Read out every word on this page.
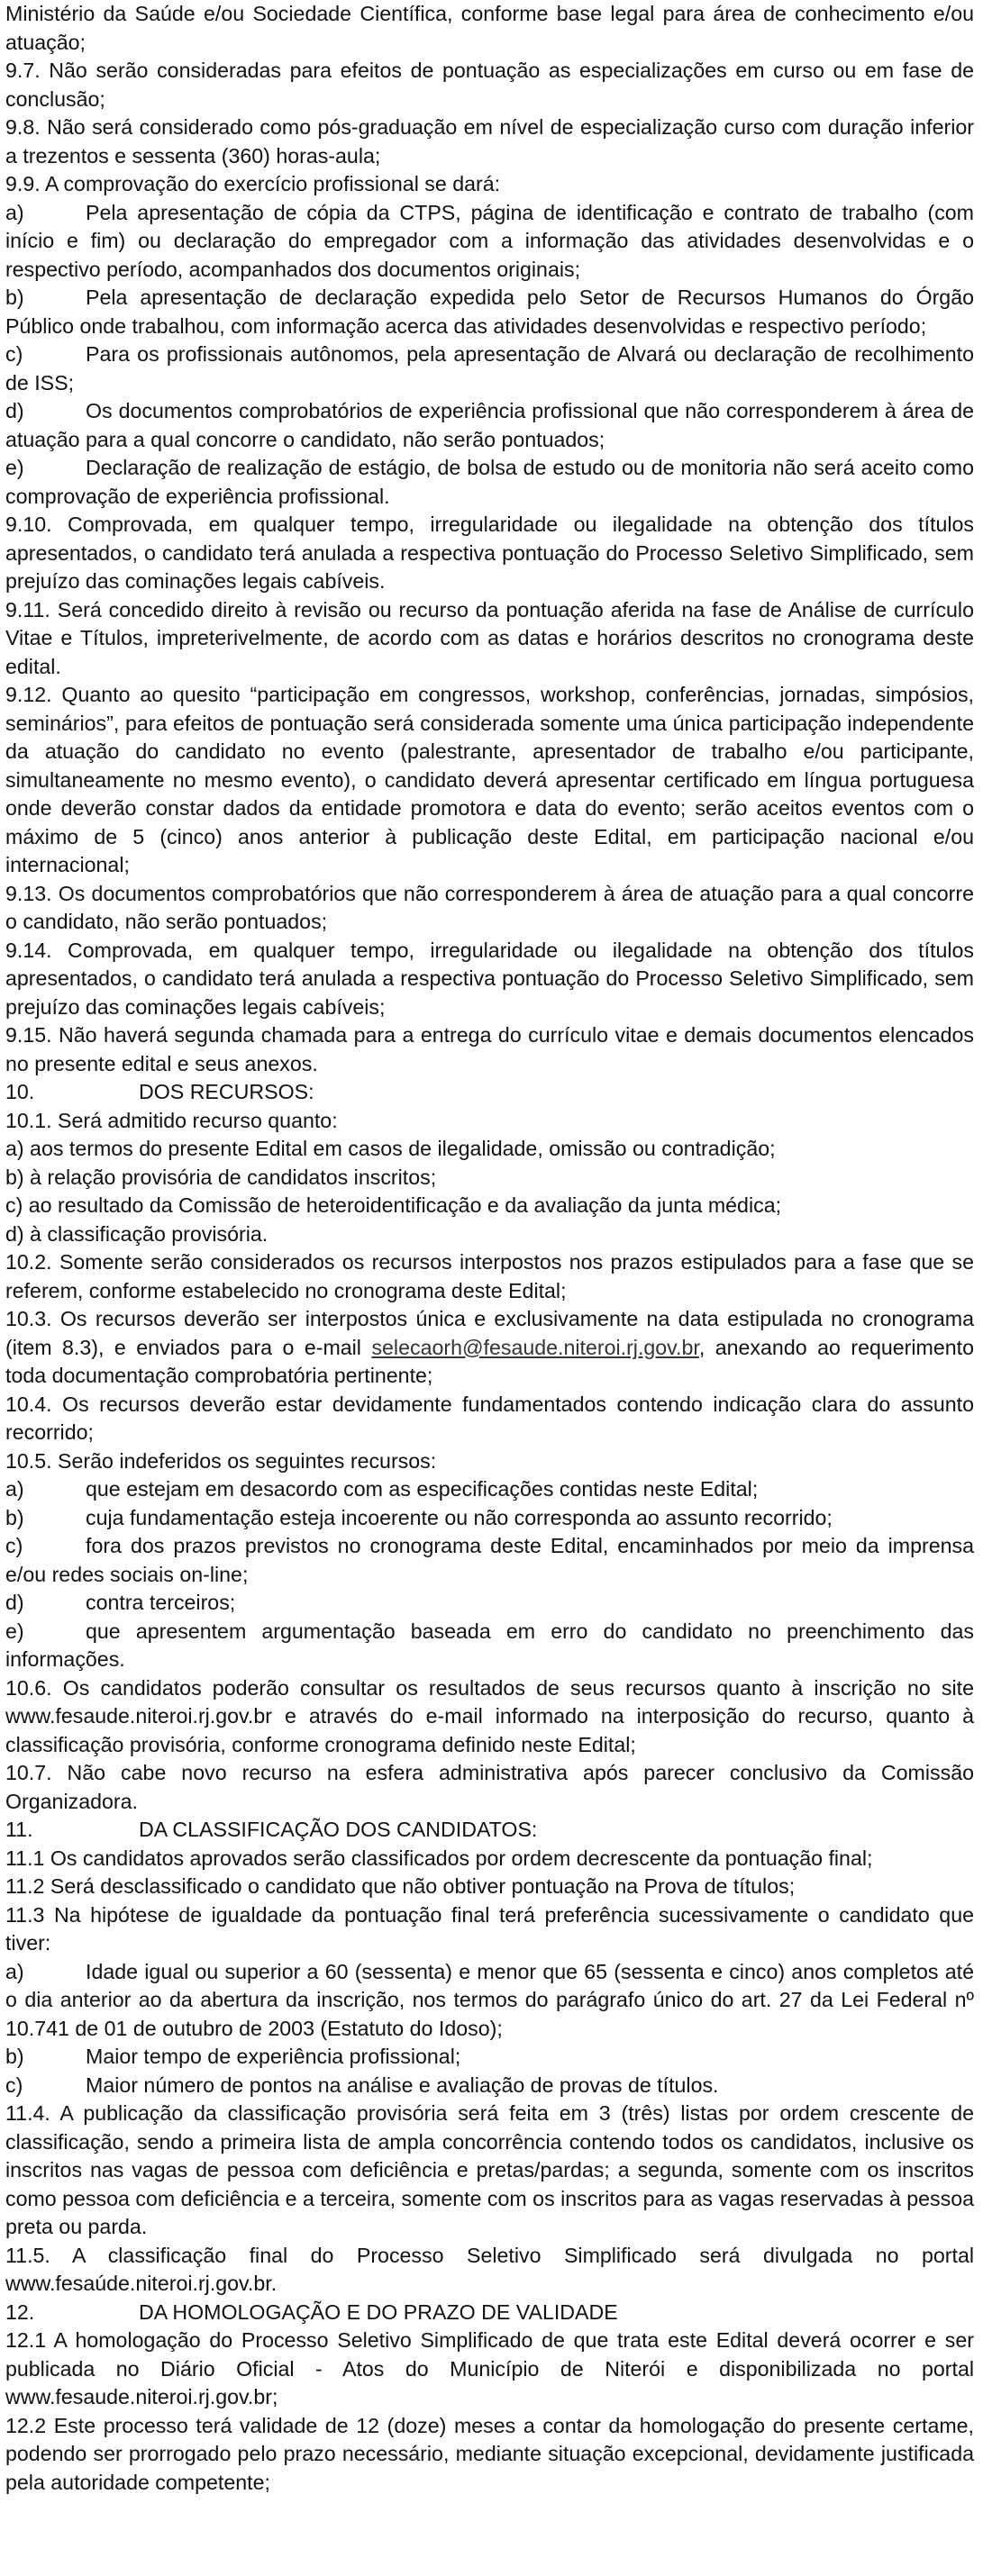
Ministério da Saúde e/ou Sociedade Científica, conforme base legal para área de conhecimento e/ou atuação;

9.7. Não serão consideradas para efeitos de pontuação as especializações em curso ou em fase de conclusão;

9.8. Não será considerado como pós-graduação em nível de especialização curso com duração inferior a trezentos e sessenta (360) horas-aula;

9.9. A comprovação do exercício profissional se dará:

a)	Pela apresentação de cópia da CTPS, página de identificação e contrato de trabalho (com início e fim) ou declaração do empregador com a informação das atividades desenvolvidas e o respectivo período, acompanhados dos documentos originais;

b)	Pela apresentação de declaração expedida pelo Setor de Recursos Humanos do Órgão Público onde trabalhou, com informação acerca das atividades desenvolvidas e respectivo período;

c)	Para os profissionais autônomos, pela apresentação de Alvará ou declaração de recolhimento de ISS;

d)	Os documentos comprobatórios de experiência profissional que não corresponderem à área de atuação para a qual concorre o candidato, não serão pontuados;

e)	Declaração de realização de estágio, de bolsa de estudo ou de monitoria não será aceito como comprovação de experiência profissional.

9.10. Comprovada, em qualquer tempo, irregularidade ou ilegalidade na obtenção dos títulos apresentados, o candidato terá anulada a respectiva pontuação do Processo Seletivo Simplificado, sem prejuízo das cominações legais cabíveis.

9.11. Será concedido direito à revisão ou recurso da pontuação aferida na fase de Análise de currículo Vitae e Títulos, impreterivelmente, de acordo com as datas e horários descritos no cronograma deste edital.

9.12. Quanto ao quesito “participação em congressos, workshop, conferências, jornadas, simpósios, seminários”, para efeitos de pontuação será considerada somente uma única participação independente da atuação do candidato no evento (palestrante, apresentador de trabalho e/ou participante, simultaneamente no mesmo evento), o candidato deverá apresentar certificado em língua portuguesa onde deverão constar dados da entidade promotora e data do evento; serão aceitos eventos com o máximo de 5 (cinco) anos anterior à publicação deste Edital, em participação nacional e/ou internacional;

9.13. Os documentos comprobatórios que não corresponderem à área de atuação para a qual concorre o candidato, não serão pontuados;

9.14. Comprovada, em qualquer tempo, irregularidade ou ilegalidade na obtenção dos títulos apresentados, o candidato terá anulada a respectiva pontuação do Processo Seletivo Simplificado, sem prejuízo das cominações legais cabíveis;

9.15. Não haverá segunda chamada para a entrega do currículo vitae e demais documentos elencados no presente edital e seus anexos.

10.	DOS RECURSOS:

10.1. Será admitido recurso quanto:

a) aos termos do presente Edital em casos de ilegalidade, omissão ou contradição;

b) à relação provisória de candidatos inscritos;

c) ao resultado da Comissão de heteroidentificação e da avaliação da junta médica;

d) à classificação provisória.

10.2. Somente serão considerados os recursos interpostos nos prazos estipulados para a fase que se referem, conforme estabelecido no cronograma deste Edital;

10.3. Os recursos deverão ser interpostos única e exclusivamente na data estipulada no cronograma (item 8.3), e enviados para o e-mail selecaorh@fesaude.niteroi.rj.gov.br, anexando ao requerimento toda documentação comprobatória pertinente;

10.4. Os recursos deverão estar devidamente fundamentados contendo indicação clara do assunto recorrido;

10.5. Serão indeferidos os seguintes recursos:

a)	que estejam em desacordo com as especificações contidas neste Edital;

b)	cuja fundamentação esteja incoerente ou não corresponda ao assunto recorrido;

c)	fora dos prazos previstos no cronograma deste Edital, encaminhados por meio da imprensa e/ou redes sociais on-line;

d)	contra terceiros;

e)	que apresentem argumentação baseada em erro do candidato no preenchimento das informações.

10.6. Os candidatos poderão consultar os resultados de seus recursos quanto à inscrição no site www.fesaude.niteroi.rj.gov.br e através do e-mail informado na interposição do recurso, quanto à classificação provisória, conforme cronograma definido neste Edital;

10.7. Não cabe novo recurso na esfera administrativa após parecer conclusivo da Comissão Organizadora.

11.	DA CLASSIFICAÇÃO DOS CANDIDATOS:

11.1 Os candidatos aprovados serão classificados por ordem decrescente da pontuação final;

11.2 Será desclassificado o candidato que não obtiver pontuação na Prova de títulos;

11.3 Na hipótese de igualdade da pontuação final terá preferência sucessivamente o candidato que tiver:

a)	Idade igual ou superior a 60 (sessenta) e menor que 65 (sessenta e cinco) anos completos até o dia anterior ao da abertura da inscrição, nos termos do parágrafo único do art. 27 da Lei Federal nº 10.741 de 01 de outubro de 2003 (Estatuto do Idoso);

b)	Maior tempo de experiência profissional;

c)	Maior número de pontos na análise e avaliação de provas de títulos.

11.4. A publicação da classificação provisória será feita em 3 (três) listas por ordem crescente de classificação, sendo a primeira lista de ampla concorrência contendo todos os candidatos, inclusive os inscritos nas vagas de pessoa com deficiência e pretas/pardas; a segunda, somente com os inscritos como pessoa com deficiência e a terceira, somente com os inscritos para as vagas reservadas à pessoa preta ou parda.

11.5. A classificação final do Processo Seletivo Simplificado será divulgada no portal www.fesaúde.niteroi.rj.gov.br.

12.	DA HOMOLOGAÇÃO E DO PRAZO DE VALIDADE

12.1 A homologação do Processo Seletivo Simplificado de que trata este Edital deverá ocorrer e ser publicada no Diário Oficial - Atos do Município de Niterói e disponibilizada no portal www.fesaude.niteroi.rj.gov.br;

12.2 Este processo terá validade de 12 (doze) meses a contar da homologação do presente certame, podendo ser prorrogado pelo prazo necessário, mediante situação excepcional, devidamente justificada pela autoridade competente;
